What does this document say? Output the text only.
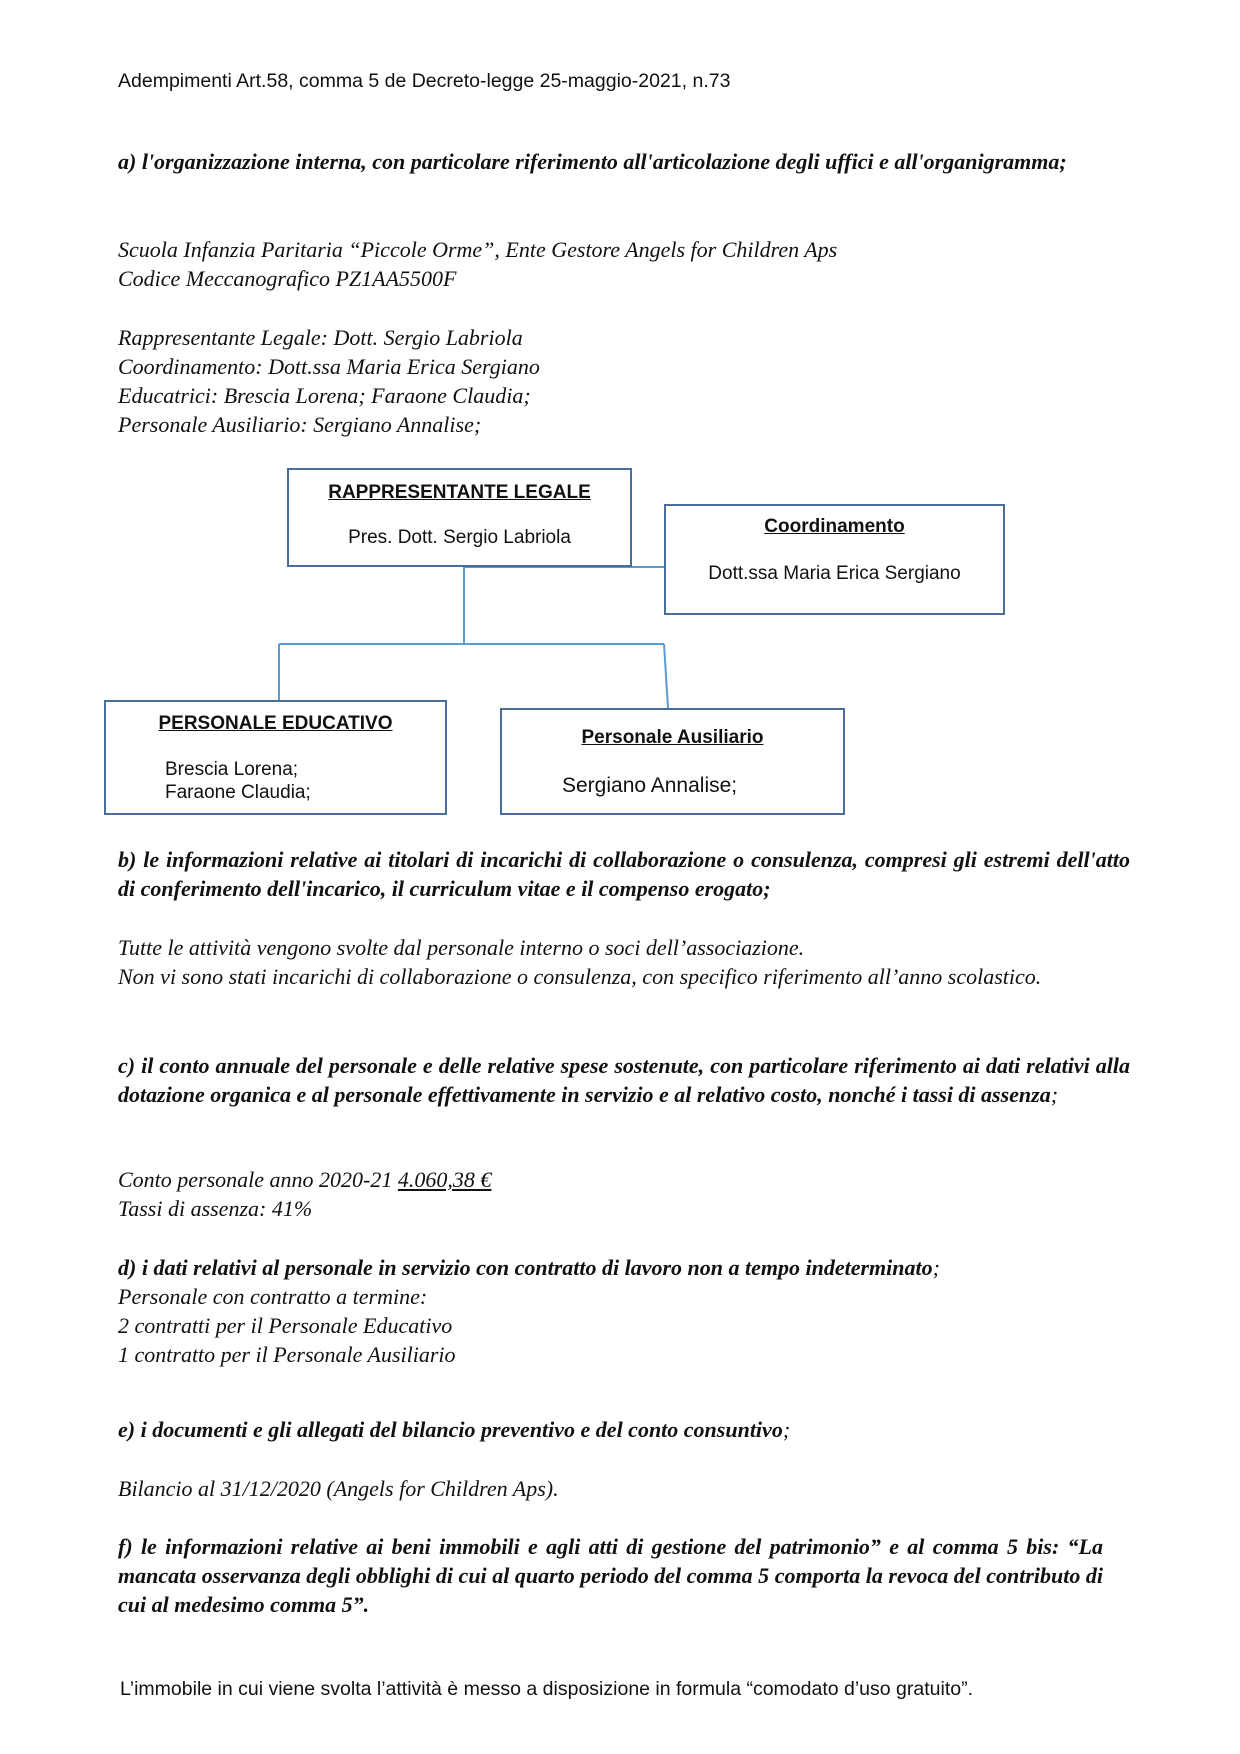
Adempimenti Art.58, comma 5 de Decreto-legge 25-maggio-2021, n.73
a) l'organizzazione interna, con particolare riferimento all'articolazione degli uffici e all'organigramma;
Scuola Infanzia Paritaria “Piccole Orme”, Ente Gestore Angels for Children Aps
Codice Meccanografico PZ1AA5500F
Rappresentante Legale: Dott. Sergio Labriola
Coordinamento: Dott.ssa Maria Erica Sergiano
Educatrici: Brescia Lorena; Faraone Claudia;
Personale Ausiliario: Sergiano Annalise;
RAPPRESENTANTE LEGALE
Pres. Dott. Sergio Labriola
Coordinamento
Dott.ssa Maria Erica Sergiano
PERSONALE EDUCATIVO
Brescia Lorena;
Faraone Claudia;
Personale Ausiliario
Sergiano Annalise;
b) le informazioni relative ai titolari di incarichi di collaborazione o consulenza, compresi gli estremi dell'atto di conferimento dell'incarico, il curriculum vitae e il compenso erogato;
Tutte le attività vengono svolte dal personale interno o soci dell’associazione.
Non vi sono stati incarichi di collaborazione o consulenza, con specifico riferimento all’anno scolastico.
c) il conto annuale del personale e delle relative spese sostenute, con particolare riferimento ai dati relativi alla dotazione organica e al personale effettivamente in servizio e al relativo costo, nonché i tassi di assenza;
Conto personale anno 2020-21 4.060,38 €
Tassi di assenza: 41%
d) i dati relativi al personale in servizio con contratto di lavoro non a tempo indeterminato;
Personale con contratto a termine:
2 contratti per il Personale Educativo
1 contratto per il Personale Ausiliario
e) i documenti e gli allegati del bilancio preventivo e del conto consuntivo;
Bilancio al 31/12/2020 (Angels for Children Aps).
f) le informazioni relative ai beni immobili e agli atti di gestione del patrimonio” e al comma 5 bis: “La mancata osservanza degli obblighi di cui al quarto periodo del comma 5 comporta la revoca del contributo di cui al medesimo comma 5”.
L’immobile in cui viene svolta l’attività è messo a disposizione in formula “comodato d’uso gratuito”.
